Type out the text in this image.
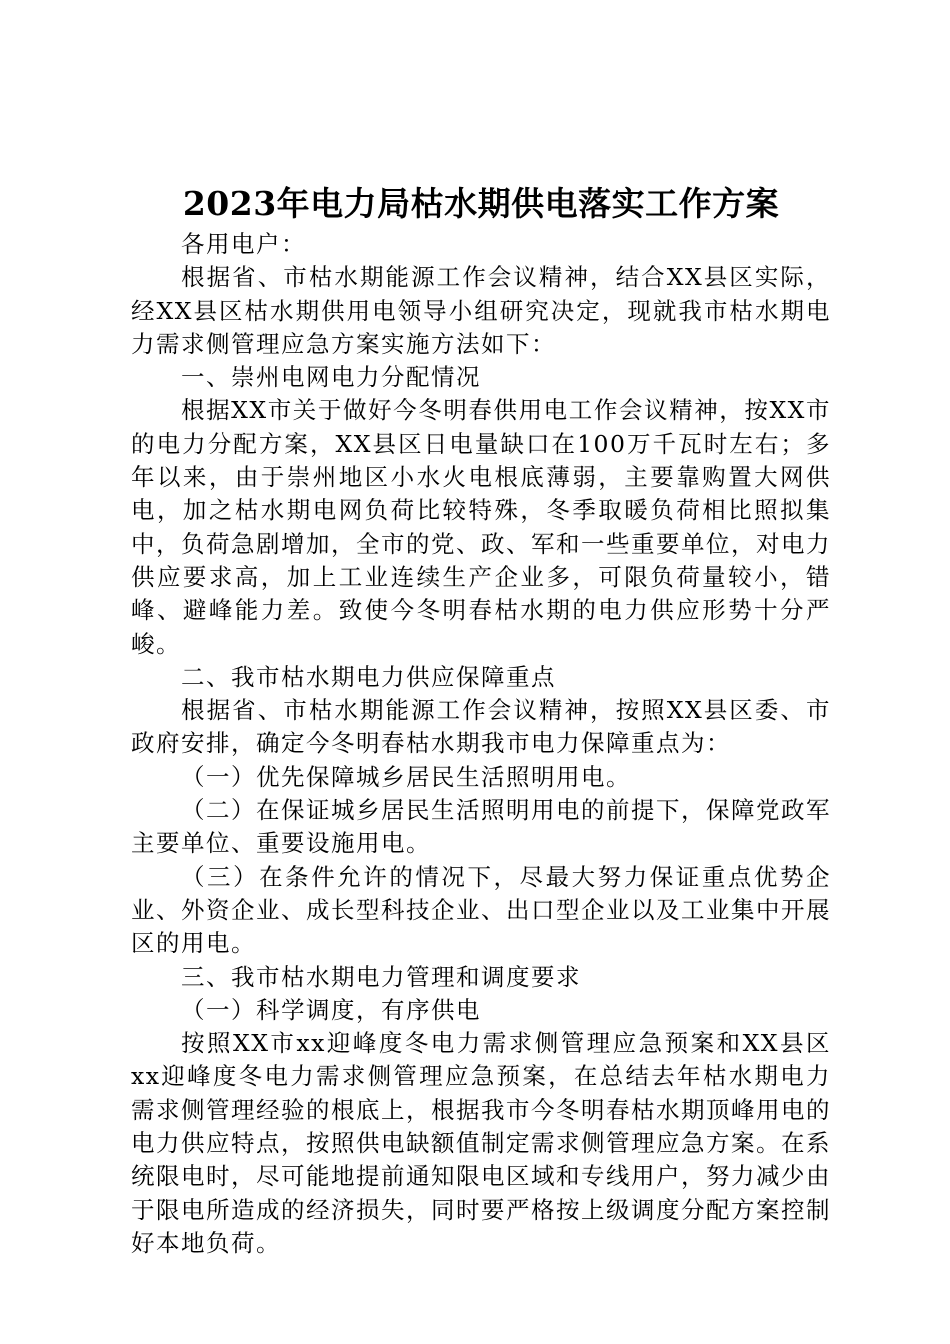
2023年电力局枯水期供电落实工作方案

各用电户：

根据省、市枯水期能源工作会议精神，结合XX县区实际，经XX县区枯水期供用电领导小组研究决定，现就我市枯水期电力需求侧管理应急方案实施方法如下：

一、崇州电网电力分配情况

根据XX市关于做好今冬明春供用电工作会议精神，按XX市的电力分配方案，XX县区日电量缺口在100万千瓦时左右；多年以来，由于崇州地区小水火电根底薄弱，主要靠购置大网供电，加之枯水期电网负荷比较特殊，冬季取暖负荷相比照拟集中，负荷急剧增加，全市的党、政、军和一些重要单位，对电力供应要求高，加上工业连续生产企业多，可限负荷量较小，错峰、避峰能力差。致使今冬明春枯水期的电力供应形势十分严峻。

二、我市枯水期电力供应保障重点

根据省、市枯水期能源工作会议精神，按照XX县区委、市政府安排，确定今冬明春枯水期我市电力保障重点为：

（一）优先保障城乡居民生活照明用电。

（二）在保证城乡居民生活照明用电的前提下，保障党政军主要单位、重要设施用电。

（三）在条件允许的情况下，尽最大努力保证重点优势企业、外资企业、成长型科技企业、出口型企业以及工业集中开展区的用电。

三、我市枯水期电力管理和调度要求

（一）科学调度，有序供电

按照XX市xx迎峰度冬电力需求侧管理应急预案和XX县区xx迎峰度冬电力需求侧管理应急预案，在总结去年枯水期电力需求侧管理经验的根底上，根据我市今冬明春枯水期顶峰用电的电力供应特点，按照供电缺额值制定需求侧管理应急方案。在系统限电时，尽可能地提前通知限电区域和专线用户，努力减少由于限电所造成的经济损失，同时要严格按上级调度分配方案控制好本地负荷。
